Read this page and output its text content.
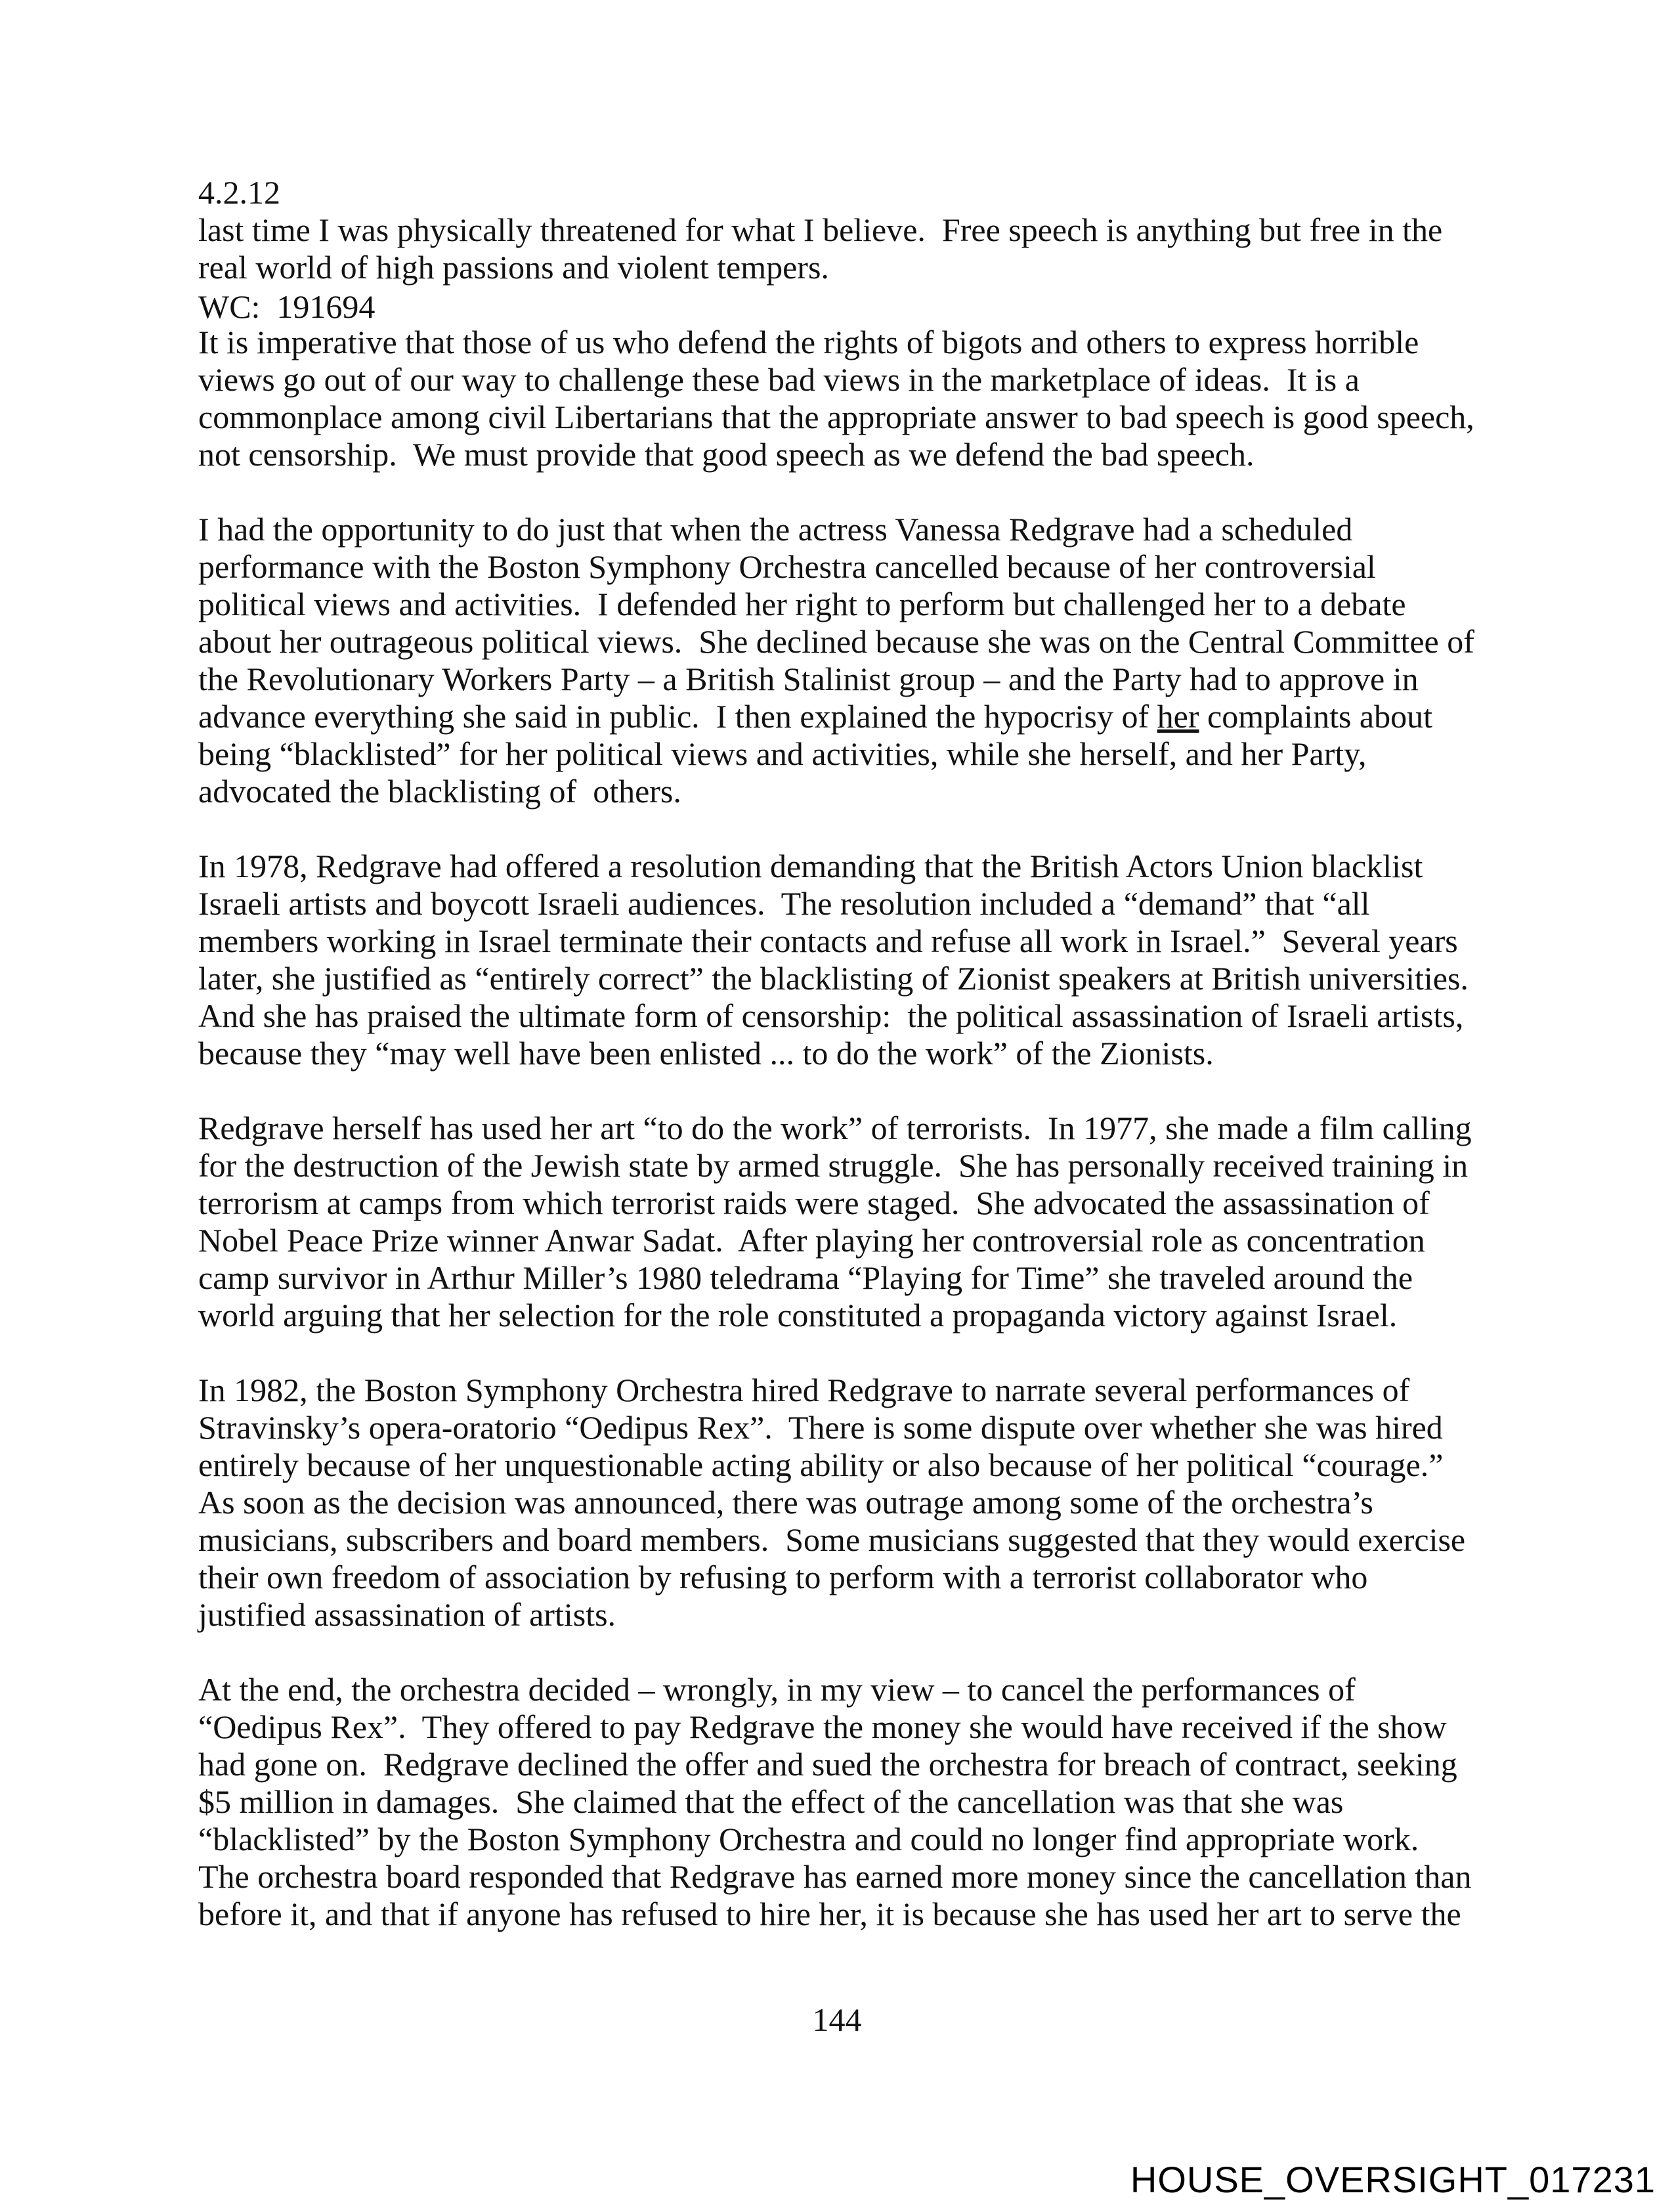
4.2.12

WC:  191694

last time I was physically threatened for what I believe.  Free speech is anything but free in the real world of high passions and violent tempers.
It is imperative that those of us who defend the rights of bigots and others to express horrible views go out of our way to challenge these bad views in the marketplace of ideas.  It is a commonplace among civil Libertarians that the appropriate answer to bad speech is good speech, not censorship.  We must provide that good speech as we defend the bad speech.
I had the opportunity to do just that when the actress Vanessa Redgrave had a scheduled performance with the Boston Symphony Orchestra cancelled because of her controversial political views and activities.  I defended her right to perform but challenged her to a debate about her outrageous political views.  She declined because she was on the Central Committee of the Revolutionary Workers Party – a British Stalinist group – and the Party had to approve in advance everything she said in public.  I then explained the hypocrisy of her complaints about being “blacklisted” for her political views and activities, while she herself, and her Party, advocated the blacklisting of  others.
In 1978, Redgrave had offered a resolution demanding that the British Actors Union blacklist Israeli artists and boycott Israeli audiences.  The resolution included a “demand” that “all members working in Israel terminate their contacts and refuse all work in Israel.”  Several years later, she justified as “entirely correct” the blacklisting of Zionist speakers at British universities.  And she has praised the ultimate form of censorship:  the political assassination of Israeli artists, because they “may well have been enlisted ... to do the work” of the Zionists.
Redgrave herself has used her art “to do the work” of terrorists.  In 1977, she made a film calling for the destruction of the Jewish state by armed struggle.  She has personally received training in terrorism at camps from which terrorist raids were staged.  She advocated the assassination of Nobel Peace Prize winner Anwar Sadat.  After playing her controversial role as concentration camp survivor in Arthur Miller’s 1980 teledrama “Playing for Time” she traveled around the world arguing that her selection for the role constituted a propaganda victory against Israel.
In 1982, the Boston Symphony Orchestra hired Redgrave to narrate several performances of Stravinsky’s opera-oratorio “Oedipus Rex”.  There is some dispute over whether she was hired entirely because of her unquestionable acting ability or also because of her political “courage.”  As soon as the decision was announced, there was outrage among some of the orchestra’s musicians, subscribers and board members.  Some musicians suggested that they would exercise their own freedom of association by refusing to perform with a terrorist collaborator who justified assassination of artists.
At the end, the orchestra decided – wrongly, in my view – to cancel the performances of “Oedipus Rex”.  They offered to pay Redgrave the money she would have received if the show had gone on.  Redgrave declined the offer and sued the orchestra for breach of contract, seeking $5 million in damages.  She claimed that the effect of the cancellation was that she was “blacklisted” by the Boston Symphony Orchestra and could no longer find appropriate work.  The orchestra board responded that Redgrave has earned more money since the cancellation than before it, and that if anyone has refused to hire her, it is because she has used her art to serve the
144
HOUSE_OVERSIGHT_017231
